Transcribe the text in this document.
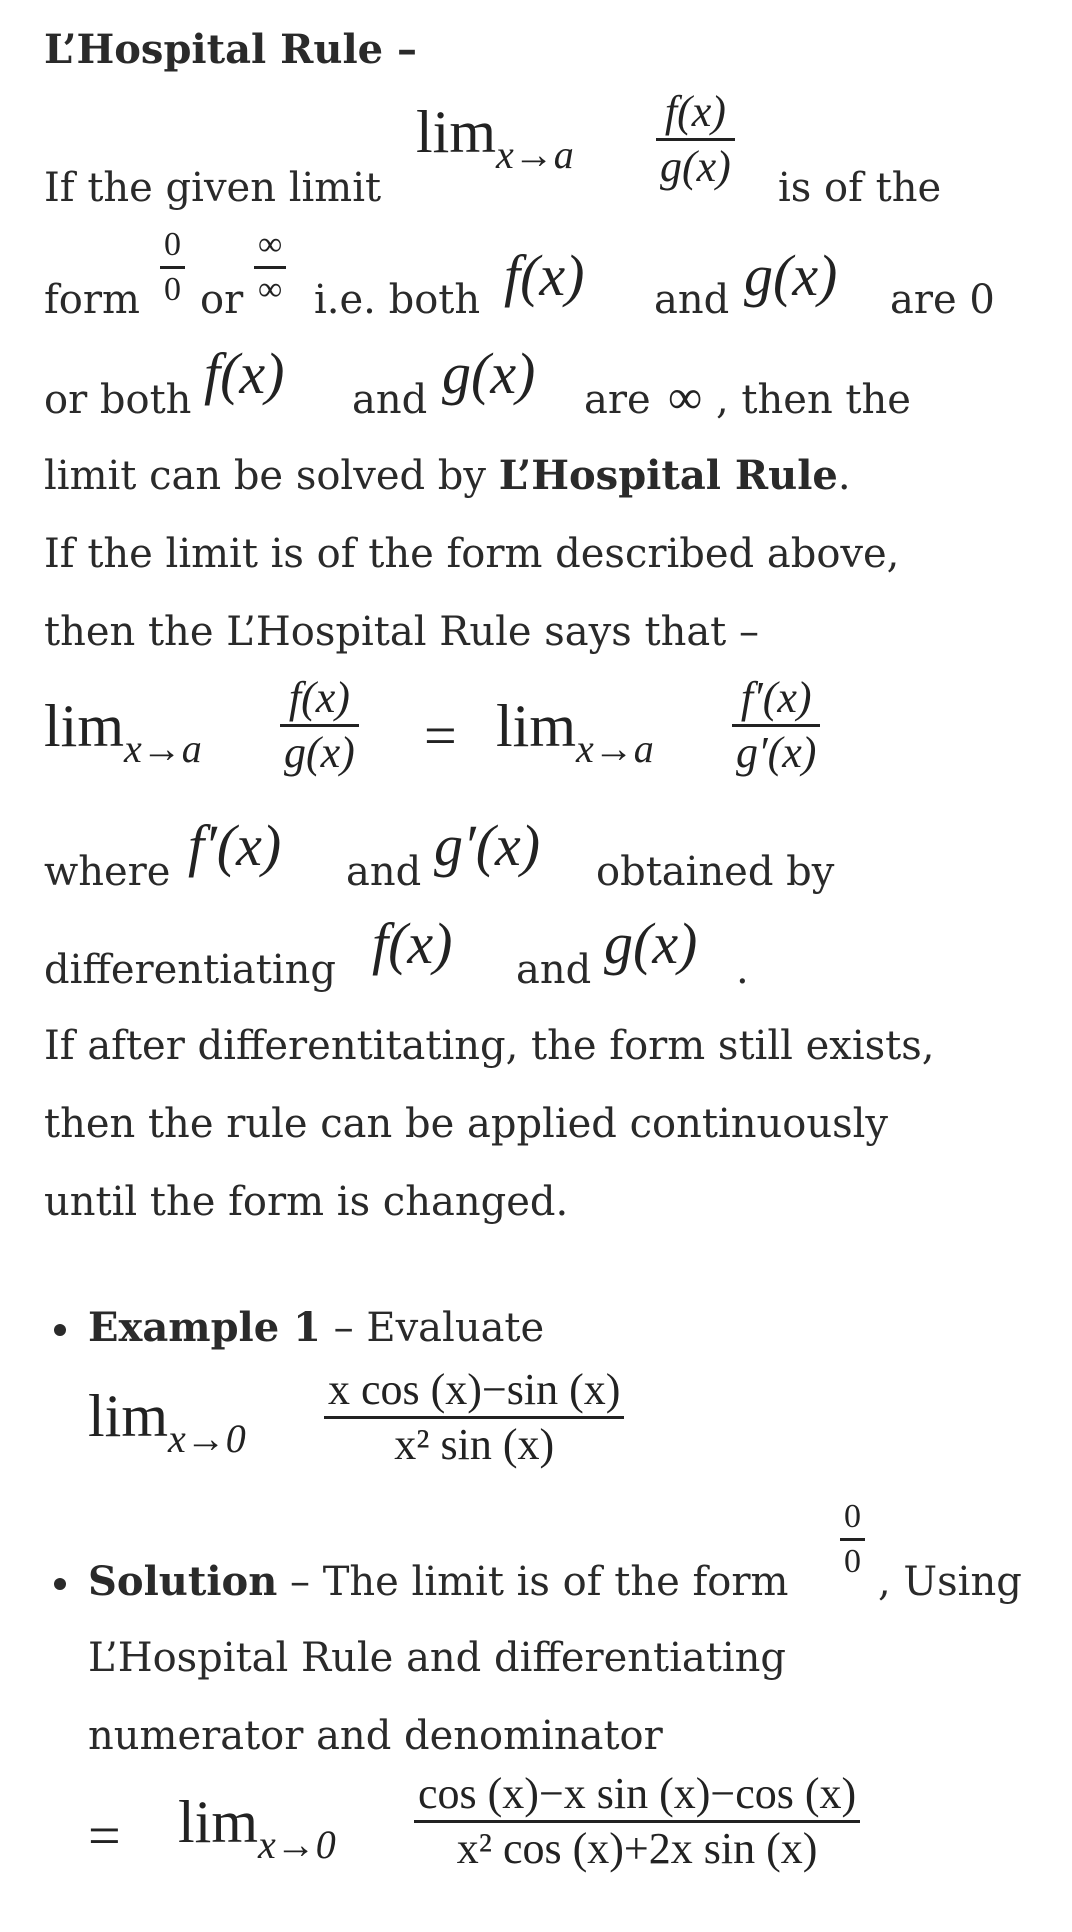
L’Hospital Rule –
If the given limit
$\lim x\to a \frac{f(x)}{g(x)}$ is of the
form $\frac{0}{0}$ or
∞
∞ i.e. both f(x) and g(x) are 0
or both f(x) and g(x) are ∞ , then the
limit can be solved by L’Hospital Rule.
If the limit is of the form described above,
then the L’Hospital Rule says that –
$\lim x\to a \frac{f(x)}{g(x)} = \lim x\to a \frac{f'(x)}{g'(x)}$
where f′(x) and g′(x) obtained by
differentiating f(x) and g(x) .
If after differentitating, the form still exists,
then the rule can be applied continuously
until the form is changed.
Example 1 – Evaluate
$\lim x\to 0 \frac{\text{x cos (x)−sin (x)}}{\text{x² sin (x)}}$
Solution – The limit is of the form
$\frac{0}{0}$
, Using
L’Hospital Rule and differentiating
numerator and denominator
= $\lim x\to 0 \frac{\text{cos (x)−x sin (x)−cos (x)}}{\text{x² cos (x)+2x sin (x)}}$
